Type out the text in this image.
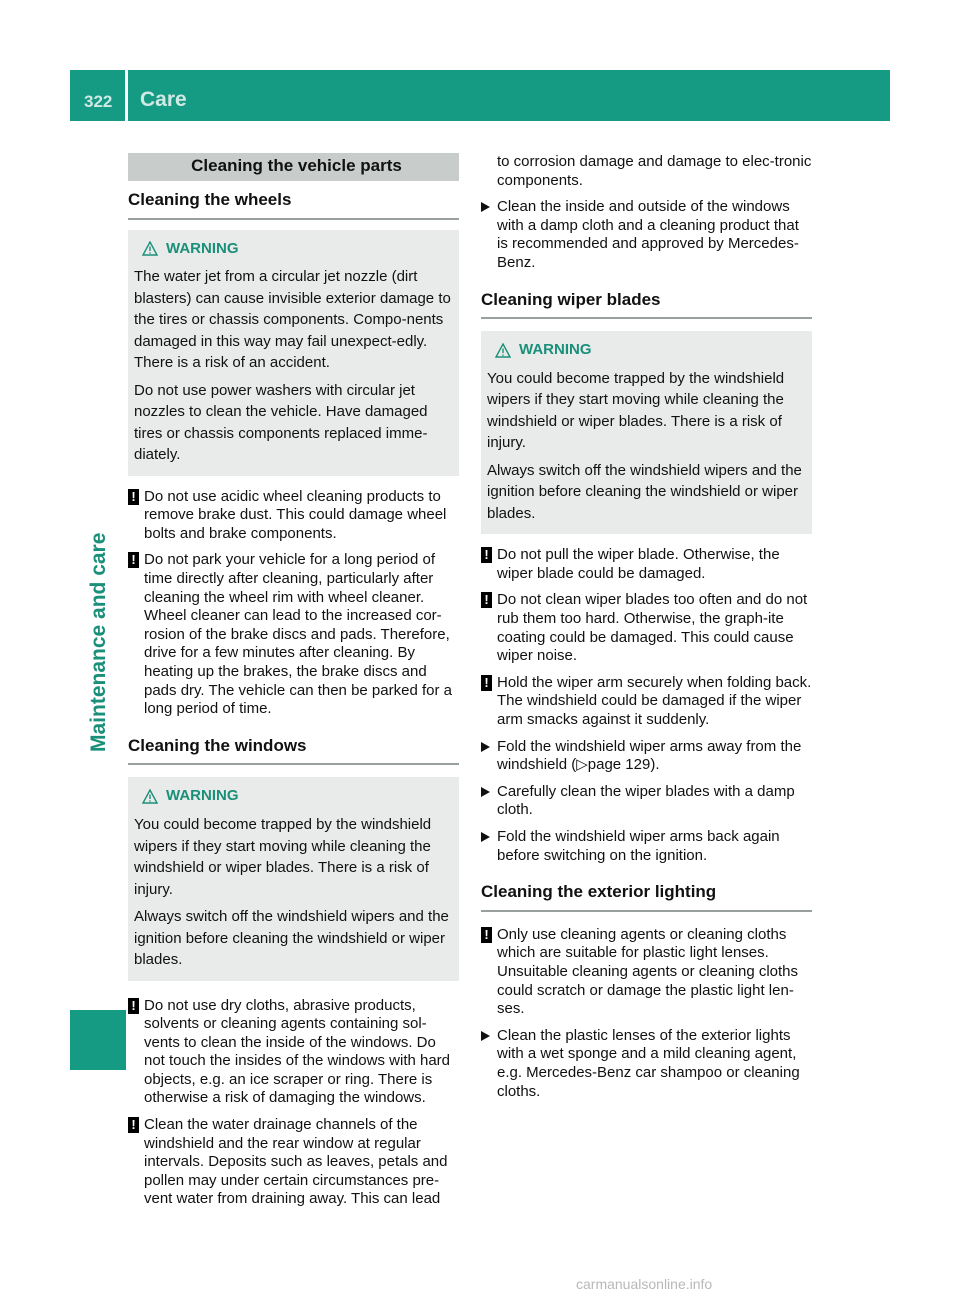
322 Care
Maintenance and care
Cleaning the vehicle parts
Cleaning the wheels
WARNING

The water jet from a circular jet nozzle (dirt blasters) can cause invisible exterior damage to the tires or chassis components. Compo-nents damaged in this way may fail unexpect-edly. There is a risk of an accident.

Do not use power washers with circular jet nozzles to clean the vehicle. Have damaged tires or chassis components replaced imme-diately.

! Do not use acidic wheel cleaning products to remove brake dust. This could damage wheel bolts and brake components.
! Do not park your vehicle for a long period of time directly after cleaning, particularly after cleaning the wheel rim with wheel cleaner. Wheel cleaner can lead to the increased cor-rosion of the brake discs and pads. Therefore, drive for a few minutes after cleaning. By heating up the brakes, the brake discs and pads dry. The vehicle can then be parked for a long period of time.
Cleaning the windows
WARNING

You could become trapped by the windshield wipers if they start moving while cleaning the windshield or wiper blades. There is a risk of injury.

Always switch off the windshield wipers and the ignition before cleaning the windshield or wiper blades.

! Do not use dry cloths, abrasive products, solvents or cleaning agents containing sol-vents to clean the inside of the windows. Do not touch the insides of the windows with hard objects, e.g. an ice scraper or ring. There is otherwise a risk of damaging the windows.
! Clean the water drainage channels of the windshield and the rear window at regular intervals. Deposits such as leaves, petals and pollen may under certain circumstances pre-vent water from draining away. This can lead
to corrosion damage and damage to elec-tronic components.
Clean the inside and outside of the windows with a damp cloth and a cleaning product that is recommended and approved by Mercedes-Benz.
Cleaning wiper blades
WARNING

You could become trapped by the windshield wipers if they start moving while cleaning the windshield or wiper blades. There is a risk of injury.

Always switch off the windshield wipers and the ignition before cleaning the windshield or wiper blades.

! Do not pull the wiper blade. Otherwise, the wiper blade could be damaged.
! Do not clean wiper blades too often and do not rub them too hard. Otherwise, the graph-ite coating could be damaged. This could cause wiper noise.
! Hold the wiper arm securely when folding back. The windshield could be damaged if the wiper arm smacks against it suddenly.
Fold the windshield wiper arms away from the windshield (▷page 129).
Carefully clean the wiper blades with a damp cloth.
Fold the windshield wiper arms back again before switching on the ignition.
Cleaning the exterior lighting
! Only use cleaning agents or cleaning cloths which are suitable for plastic light lenses. Unsuitable cleaning agents or cleaning cloths could scratch or damage the plastic light len-ses.
Clean the plastic lenses of the exterior lights with a wet sponge and a mild cleaning agent, e.g. Mercedes-Benz car shampoo or cleaning cloths.
carmanualsonline.info
